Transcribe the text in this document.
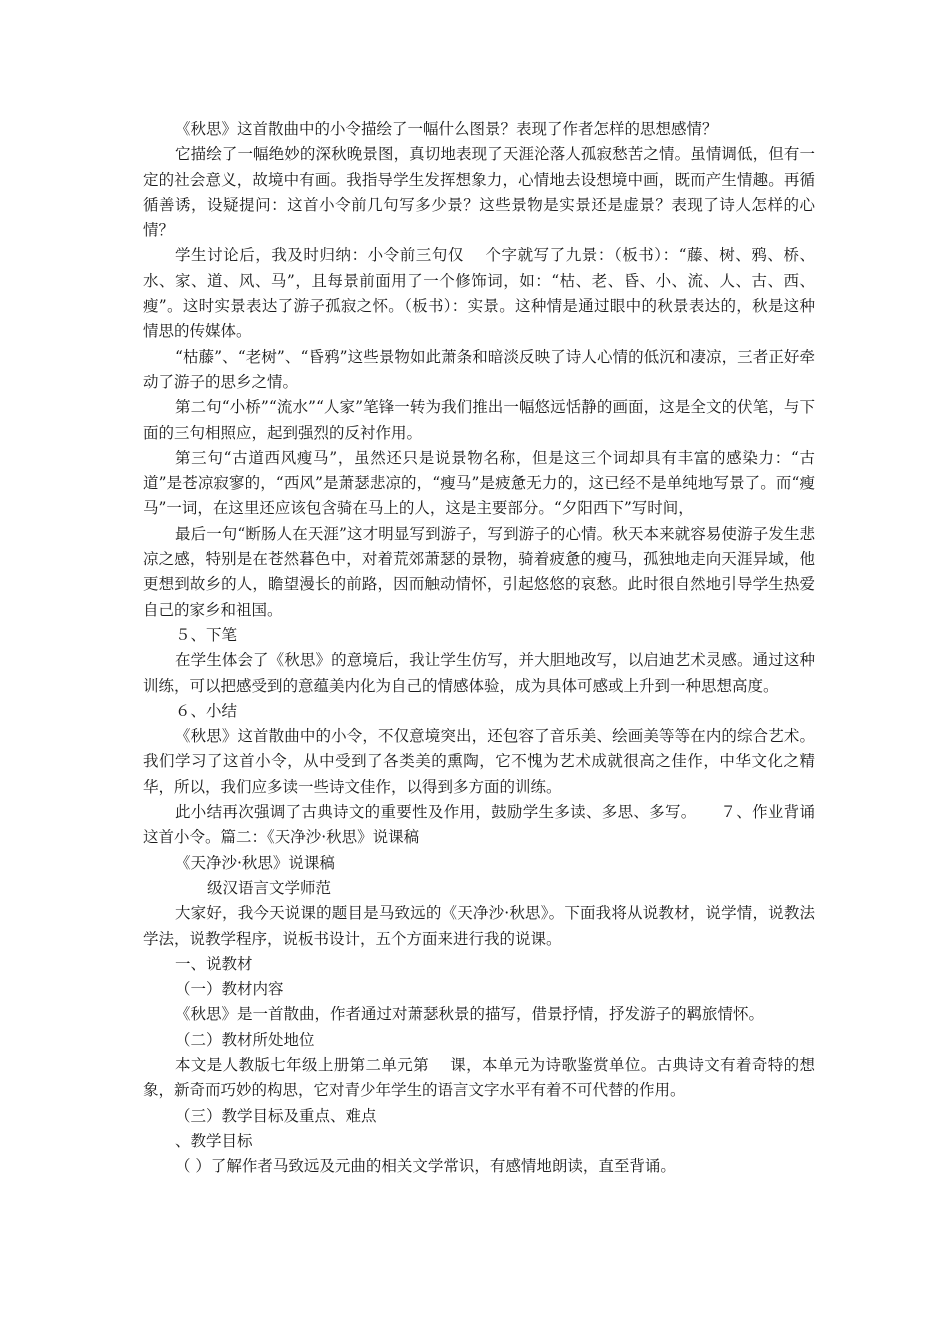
《秋思》这首散曲中的小令描绘了一幅什么图景？表现了作者怎样的思想感情？

它描绘了一幅绝妙的深秋晚景图，真切地表现了天涯沦落人孤寂愁苦之情。虽情调低，但有一定的社会意义，故境中有画。我指导学生发挥想象力，心情地去设想境中画，既而产生情趣。再循循善诱，设疑提问：这首小令前几句写多少景？这些景物是实景还是虚景？表现了诗人怎样的心情？

学生讨论后，我及时归纳：小令前三句仅　 个字就写了九景：（板书）：“藤、树、鸦、桥、水、家、道、风、马”，且每景前面用了一个修饰词，如：“枯、老、昏、小、流、人、古、西、瘦”。这时实景表达了游子孤寂之怀。（板书）：实景。这种情是通过眼中的秋景表达的，秋是这种情思的传媒体。

“枯藤”、“老树”、“昏鸦”这些景物如此萧条和暗淡反映了诗人心情的低沉和凄凉，三者正好牵动了游子的思乡之情。

第二句“小桥”“流水”“人家”笔锋一转为我们推出一幅悠远恬静的画面，这是全文的伏笔，与下面的三句相照应，起到强烈的反衬作用。

第三句“古道西风瘦马”，虽然还只是说景物名称，但是这三个词却具有丰富的感染力：“古道”是苍凉寂寥的，“西风”是萧瑟悲凉的，“瘦马”是疲惫无力的，这已经不是单纯地写景了。而“瘦马”一词，在这里还应该包含骑在马上的人，这是主要部分。“夕阳西下”写时间，

最后一句“断肠人在天涯”这才明显写到游子，写到游子的心情。秋天本来就容易使游子发生悲凉之感，特别是在苍然暮色中，对着荒郊萧瑟的景物，骑着疲惫的瘦马，孤独地走向天涯异域，他更想到故乡的人，瞻望漫长的前路，因而触动情怀，引起悠悠的哀愁。此时很自然地引导学生热爱自己的家乡和祖国。

５、下笔

在学生体会了《秋思》的意境后，我让学生仿写，并大胆地改写，以启迪艺术灵感。通过这种训练，可以把感受到的意蕴美内化为自己的情感体验，成为具体可感或上升到一种思想高度。

６、小结

《秋思》这首散曲中的小令，不仅意境突出，还包容了音乐美、绘画美等等在内的综合艺术。我们学习了这首小令，从中受到了各类美的熏陶，它不愧为艺术成就很高之佳作，中华文化之精华，所以，我们应多读一些诗文佳作，以得到多方面的训练。

此小结再次强调了古典诗文的重要性及作用，鼓励学生多读、多思、多写。　　７、作业背诵这首小令。篇二：《天净沙·秋思》说课稿

《天净沙·秋思》说课稿

级汉语言文学师范

大家好，我今天说课的题目是马致远的《天净沙·秋思》。下面我将从说教材，说学情，说教法学法，说教学程序，说板书设计，五个方面来进行我的说课。

一、说教材

（一）教材内容

《秋思》是一首散曲，作者通过对萧瑟秋景的描写，借景抒情，抒发游子的羁旅情怀。

（二）教材所处地位

本文是人教版七年级上册第二单元第　 课，本单元为诗歌鉴赏单位。古典诗文有着奇特的想象，新奇而巧妙的构思，它对青少年学生的语言文字水平有着不可代替的作用。

（三）教学目标及重点、难点

、教学目标

（ ）了解作者马致远及元曲的相关文学常识，有感情地朗读，直至背诵。
